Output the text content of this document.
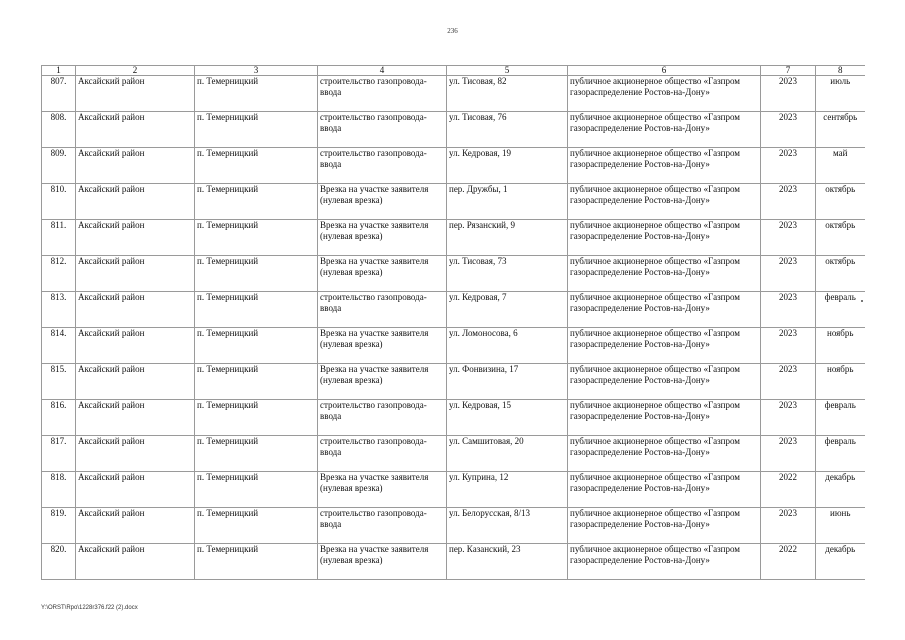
236
1	2	3	4	5	6	7	8
807.	Аксайский район	п. Темерницкий	строительство газопровода-ввода	ул. Тисовая, 82	публичное акционерное общество «Газпром газораспределение Ростов-на-Дону»	2023	июль
808.	Аксайский район	п. Темерницкий	строительство газопровода-ввода	ул. Тисовая, 76	публичное акционерное общество «Газпром газораспределение Ростов-на-Дону»	2023	сентябрь
809.	Аксайский район	п. Темерницкий	строительство газопровода-ввода	ул. Кедровая, 19	публичное акционерное общество «Газпром газораспределение Ростов-на-Дону»	2023	май
810.	Аксайский район	п. Темерницкий	Врезка на участке заявителя (нулевая врезка)	пер. Дружбы, 1	публичное акционерное общество «Газпром газораспределение Ростов-на-Дону»	2023	октябрь
811.	Аксайский район	п. Темерницкий	Врезка на участке заявителя (нулевая врезка)	пер. Рязанский, 9	публичное акционерное общество «Газпром газораспределение Ростов-на-Дону»	2023	октябрь
812.	Аксайский район	п. Темерницкий	Врезка на участке заявителя (нулевая врезка)	ул. Тисовая, 73	публичное акционерное общество «Газпром газораспределение Ростов-на-Дону»	2023	октябрь
813.	Аксайский район	п. Темерницкий	строительство газопровода-ввода	ул. Кедровая, 7	публичное акционерное общество «Газпром газораспределение Ростов-на-Дону»	2023	февраль
814.	Аксайский район	п. Темерницкий	Врезка на участке заявителя (нулевая врезка)	ул. Ломоносова, 6	публичное акционерное общество «Газпром газораспределение Ростов-на-Дону»	2023	ноябрь
815.	Аксайский район	п. Темерницкий	Врезка на участке заявителя (нулевая врезка)	ул. Фонвизина, 17	публичное акционерное общество «Газпром газораспределение Ростов-на-Дону»	2023	ноябрь
816.	Аксайский район	п. Темерницкий	строительство газопровода-ввода	ул. Кедровая, 15	публичное акционерное общество «Газпром газораспределение Ростов-на-Дону»	2023	февраль
817.	Аксайский район	п. Темерницкий	строительство газопровода-ввода	ул. Самшитовая, 20	публичное акционерное общество «Газпром газораспределение Ростов-на-Дону»	2023	февраль
818.	Аксайский район	п. Темерницкий	Врезка на участке заявителя (нулевая врезка)	ул. Куприна, 12	публичное акционерное общество «Газпром газораспределение Ростов-на-Дону»	2022	декабрь
819.	Аксайский район	п. Темерницкий	строительство газопровода-ввода	ул. Белорусская, 8/13	публичное акционерное общество «Газпром газораспределение Ростов-на-Дону»	2023	июнь
820.	Аксайский район	п. Темерницкий	Врезка на участке заявителя (нулевая врезка)	пер. Казанский, 23	публичное акционерное общество «Газпром газораспределение Ростов-на-Дону»	2022	декабрь
Y:\ORST\Rpo\1228r376.f22 (2).docx
